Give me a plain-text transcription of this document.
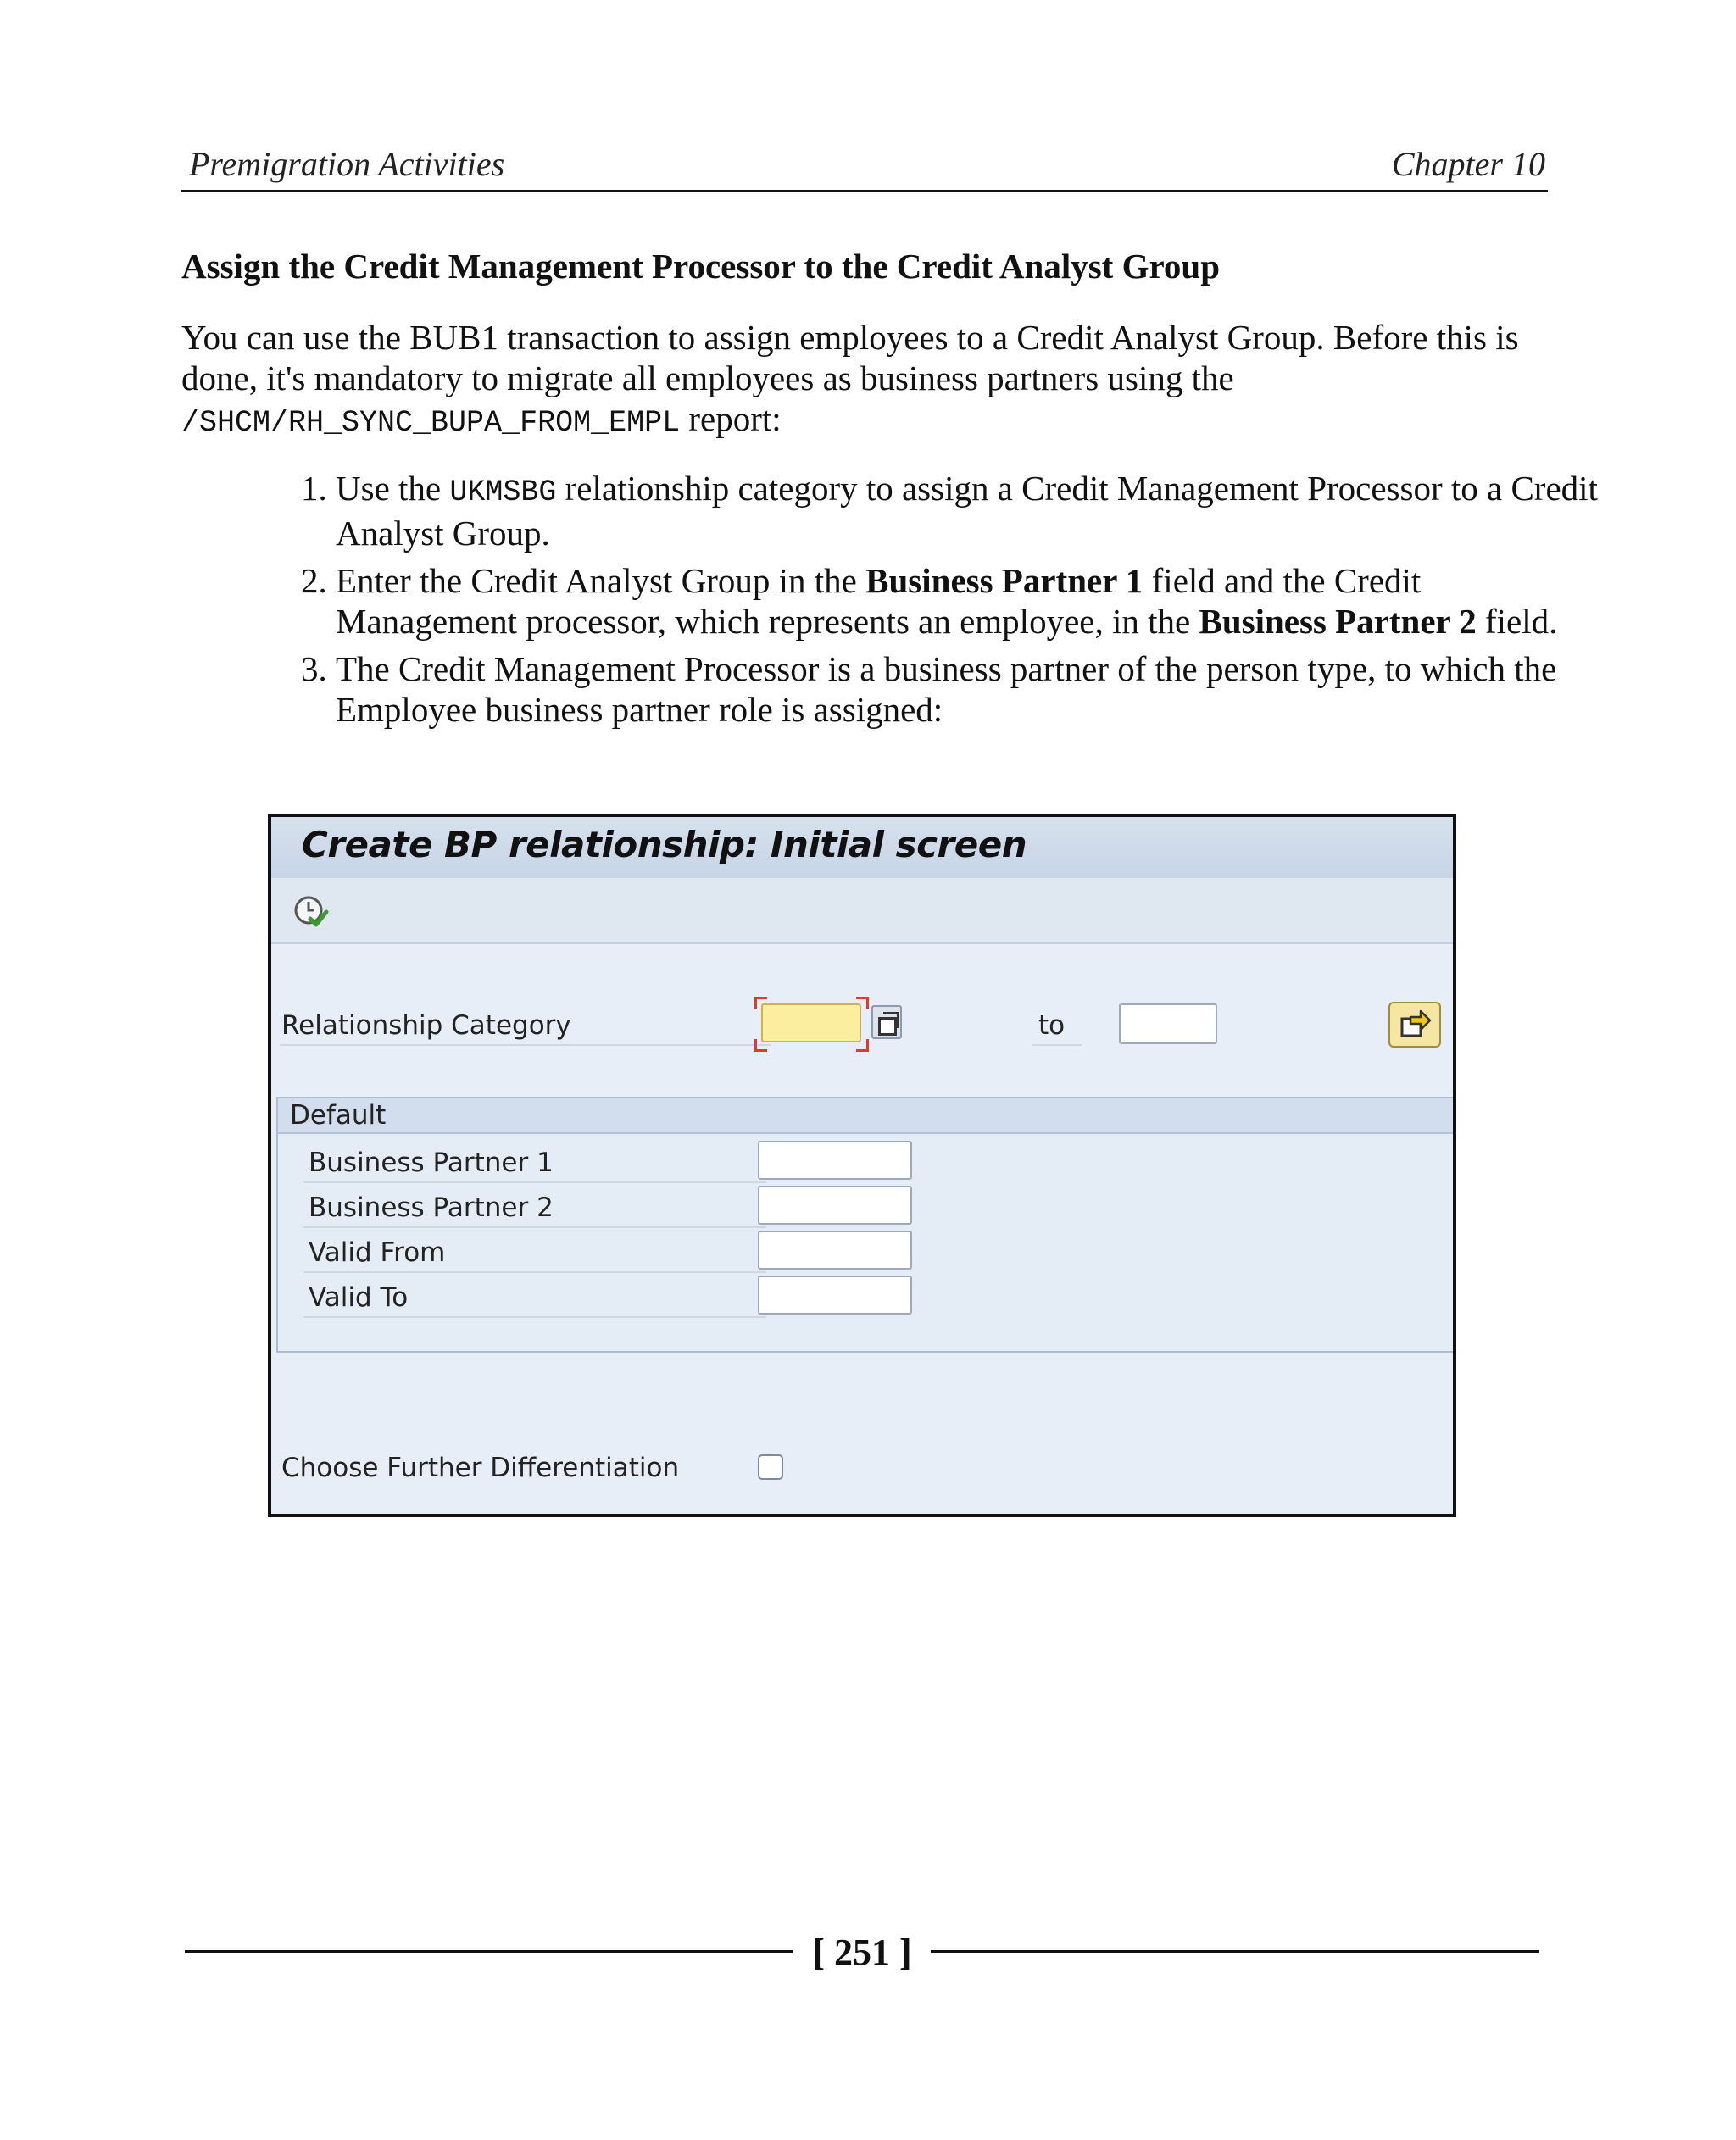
Premigration Activities	Chapter 10
Assign the Credit Management Processor to the Credit Analyst Group
You can use the BUB1 transaction to assign employees to a Credit Analyst Group. Before this is done, it's mandatory to migrate all employees as business partners using the /SHCM/RH_SYNC_BUPA_FROM_EMPL report:
1. Use the UKMSBG relationship category to assign a Credit Management Processor to a Credit Analyst Group.
2. Enter the Credit Analyst Group in the Business Partner 1 field and the Credit Management processor, which represents an employee, in the Business Partner 2 field.
3. The Credit Management Processor is a business partner of the person type, to which the Employee business partner role is assigned:
Create BP relationship: Initial screen
Relationship Category	to
Default
Business Partner 1
Business Partner 2
Valid From
Valid To
Choose Further Differentiation
[ 251 ]
